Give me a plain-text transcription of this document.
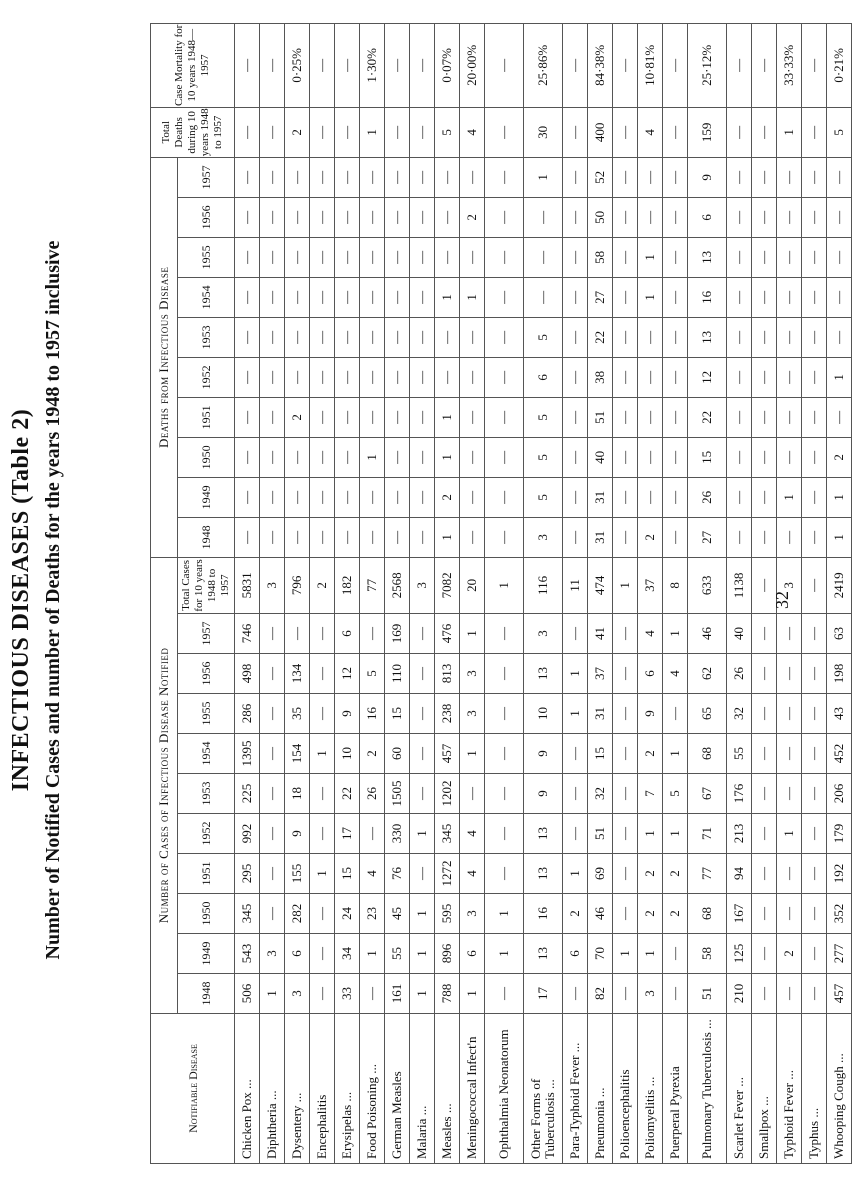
INFECTIOUS DISEASES (Table 2) Number of Notified Cases and number of Deaths for the years 1948 to 1957 inclusive
Notifiable Disease	Number of Cases of Infectious Disease Notified											Deaths from Infectious Disease										Total Deaths during 10 years 1948 to 1957	Case Mortality for 10 years 1948—1957
	1948	1949	1950	1951	1952	1953	1954	1955	1956	1957	Total Cases for 10 years 1948 to 1957	1948	1949	1950	1951	1952	1953	1954	1955	1956	1957		
Chicken Pox ...	506	543	345	295	992	225	1395	286	498	746	5831	—	—	—	—	—	—	—	—	—	—	—	—
Diphtheria ...	1	3	—	—	—	—	—	—	—	—	3	—	—	—	—	—	—	—	—	—	—	—	—
Dysentery ...	3	6	282	155	9	18	154	35	134	—	796	—	—	—	2	—	—	—	—	—	—	2	0·25%
Encephalitis	—	—	—	1	—	—	1	—	—	—	2	—	—	—	—	—	—	—	—	—	—	—	—
Erysipelas ...	33	34	24	15	17	22	10	9	12	6	182	—	—	—	—	—	—	—	—	—	—	—	—
Food Poisoning ...	—	1	23	4	—	26	2	16	5	—	77	—	—	1	—	—	—	—	—	—	—	1	1·30%
German Measles	161	55	45	76	330	1505	60	15	110	169	2568	—	—	—	—	—	—	—	—	—	—	—	—
Malaria ...	1	1	1	—	1	—	—	—	—	—	3	—	—	—	—	—	—	—	—	—	—	—	—
Measles ...	788	896	595	1272	345	1202	457	238	813	476	7082	1	2	1	1	—	—	1	—	—	—	5	0·07%
Meningococcal Infect'n	1	6	3	4	4	—	1	3	3	1	20	—	—	—	—	—	—	1	—	2	—	4	20·00%
Ophthalmia Neonatorum	—	1	1	—	—	—	—	—	—	—	1	—	—	—	—	—	—	—	—	—	—	—	—
Other Forms of Tuberculosis ...	17	13	16	13	13	9	9	10	13	3	116	3	5	5	5	6	5	—	—	—	1	30	25·86%
Para-Typhoid Fever ...	—	6	2	1	—	—	—	1	1	—	11	—	—	—	—	—	—	—	—	—	—	—	—
Pneumonia ...	82	70	46	69	51	32	15	31	37	41	474	31	31	40	51	38	22	27	58	50	52	400	84·38%
Polioencephalitis	—	1	—	—	—	—	—	—	—	—	1	—	—	—	—	—	—	—	—	—	—	—	—
Poliomyelitis ...	3	1	2	2	1	7	2	9	6	4	37	2	—	—	—	—	—	1	1	—	—	4	10·81%
Puerperal Pyrexia	—	—	2	2	1	5	1	—	4	1	8	—	—	—	—	—	—	—	—	—	—	—	—
Pulmonary Tuberculosis ...	51	58	68	77	71	67	68	65	62	46	633	27	26	15	22	12	13	16	13	6	9	159	25·12%
Scarlet Fever ...	210	125	167	94	213	176	55	32	26	40	1138	—	—	—	—	—	—	—	—	—	—	—	—
Smallpox ...	—	—	—	—	—	—	—	—	—	—	—	—	—	—	—	—	—	—	—	—	—	—	—
Typhoid Fever ...	—	2	—	—	1	—	—	—	—	—	3	—	1	—	—	—	—	—	—	—	—	1	33·33%
Typhus ...	—	—	—	—	—	—	—	—	—	—	—	—	—	—	—	—	—	—	—	—	—	—	—
Whooping Cough ...	457	277	352	192	179	206	452	43	198	63	2419	1	1	2	—	1	—	—	—	—	—	5	0·21%
32
